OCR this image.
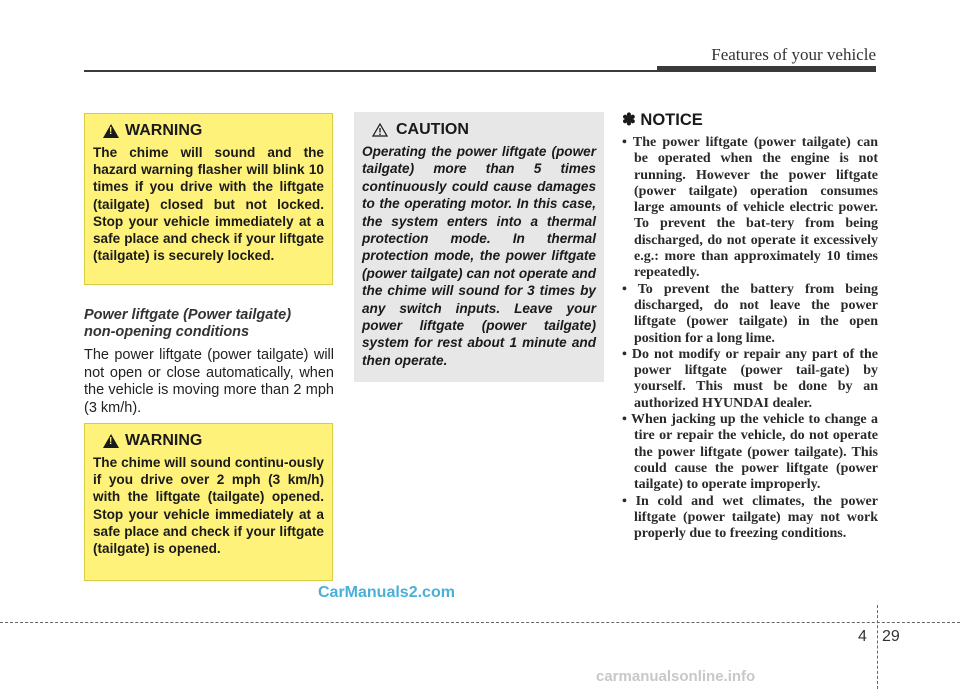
Features of your vehicle
!
WARNING
The chime will sound and the hazard warning flasher will blink 10 times if you drive with the liftgate (tailgate) closed but not locked. Stop your vehicle immediately at a safe place and check if your liftgate (tailgate) is securely locked.
Power liftgate (Power tailgate)
non-opening conditions
The power liftgate (power tailgate) will not open or close automatically, when the vehicle is moving more than 2 mph (3 km/h).
!
WARNING
The chime will sound continu-ously if you drive over 2 mph (3 km/h) with the liftgate (tailgate) opened. Stop your vehicle immediately at a safe place and check if your liftgate (tailgate) is opened.
CAUTION
Operating the power liftgate (power tailgate) more than 5 times continuously could cause damages to the operating motor. In this case, the system enters into a thermal protection mode. In thermal protection mode, the power liftgate (power tailgate) can not operate and the chime will sound for 3 times by any switch inputs. Leave your power liftgate (power tailgate) system for rest about 1 minute and then operate.
✽ NOTICE
• The power liftgate (power tailgate) can be operated when the engine is not running. However the power liftgate (power tailgate) operation consumes large amounts of vehicle electric power. To prevent the bat-tery from being discharged, do not operate it excessively e.g.: more than approximately 10 times repeatedly.
• To prevent the battery from being discharged, do not leave the power liftgate (power tailgate) in the open position for a long lime.
• Do not modify or repair any part of the power liftgate (power tail-gate) by yourself. This must be done by an authorized HYUNDAI dealer.
• When jacking up the vehicle to change a tire or repair the vehicle, do not operate the power liftgate (power tailgate). This could cause the power liftgate (power tailgate) to operate improperly.
• In cold and wet climates, the power liftgate (power tailgate) may not work properly due to freezing conditions.
CarManuals2.com
4 29
carmanualsonline.info
